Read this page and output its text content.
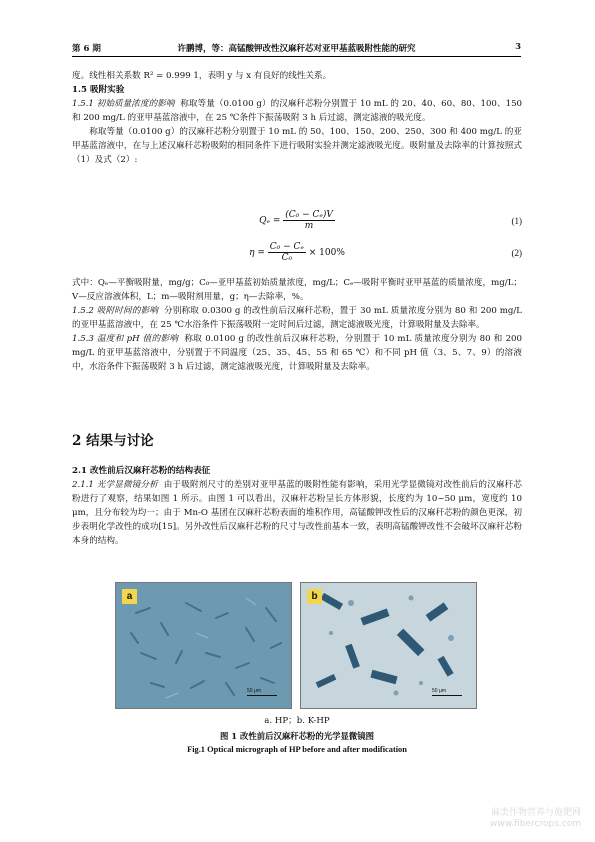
第 6 期	许鹏博，等：高锰酸钾改性汉麻秆芯对亚甲基蓝吸附性能的研究	3

度。线性相关系数 R² = 0.999 1，表明 y 与 x 有良好的线性关系。

1.5 吸附实验

1.5.1 初始质量浓度的影响 称取等量（0.0100 g）的汉麻秆芯粉分别置于 10 mL 的 20、40、60、80、100、150 和 200 mg/L 的亚甲基蓝溶液中，在 25 ℃条件下振荡吸附 3 h 后过滤，测定滤液的吸光度。

称取等量（0.0100 g）的汉麻秆芯粉分别置于 10 mL 的 50、100、150、200、250、300 和 400 mg/L 的亚甲基蓝溶液中，在与上述汉麻秆芯粉吸附的相同条件下进行吸附实验并测定滤液吸光度。吸附量及去除率的计算按照式（1）及式（2）:

$Q_e = \frac{\text{(C₀ − Cₑ)V}}{m}$	(1)
$\eta = \frac{\text{C₀ − Cₑ}}{\text{C₀}} \times 100\%$	(2)

式中：Qₑ—平衡吸附量，mg/g；C₀—亚甲基蓝初始质量浓度，mg/L；Cₑ—吸附平衡时亚甲基蓝的质量浓度，mg/L；V—反应溶液体积，L；m—吸附剂用量，g；η—去除率，%。

1.5.2 吸附时间的影响 分别称取 0.0300 g 的改性前后汉麻秆芯粉，置于 30 mL 质量浓度分别为 80 和 200 mg/L 的亚甲基蓝溶液中，在 25 ℃水浴条件下振荡吸附一定时间后过滤，测定滤液吸光度，计算吸附量及去除率。

1.5.3 温度和 pH 值的影响 称取 0.0100 g 的改性前后汉麻秆芯粉，分别置于 10 mL 质量浓度分别为 80 和 200 mg/L 的亚甲基蓝溶液中，分别置于不同温度（25、35、45、55 和 65 ℃）和不同 pH 值（3、5、7、9）的溶液中，水浴条件下振荡吸附 3 h 后过滤，测定滤液吸光度，计算吸附量及去除率。

2 结果与讨论

2.1 改性前后汉麻秆芯粉的结构表征

2.1.1 光学显微镜分析 由于吸附剂尺寸的差别对亚甲基蓝的吸附性能有影响，采用光学显微镜对改性前后的汉麻秆芯粉进行了观察，结果如图 1 所示。由图 1 可以看出，汉麻秆芯粉呈长方体形貌，长度约为 10~50 μm，宽度约 10 μm，且分布较为均一；由于 Mn-O 基团在汉麻秆芯粉表面的堆积作用，高锰酸钾改性后的汉麻秆芯粉的颜色更深，初步表明化学改性的成功[15]。另外改性后汉麻秆芯粉的尺寸与改性前基本一致，表明高锰酸钾改性不会破坏汉麻秆芯粉本身的结构。

a
50 μm
b
50 μm
a. HP；b. K-HP
图 1 改性前后汉麻秆芯粉的光学显微镜图
Fig.1 Optical micrograph of HP before and after modification
麻类作物营养与施肥网
www.fibercrops.com
